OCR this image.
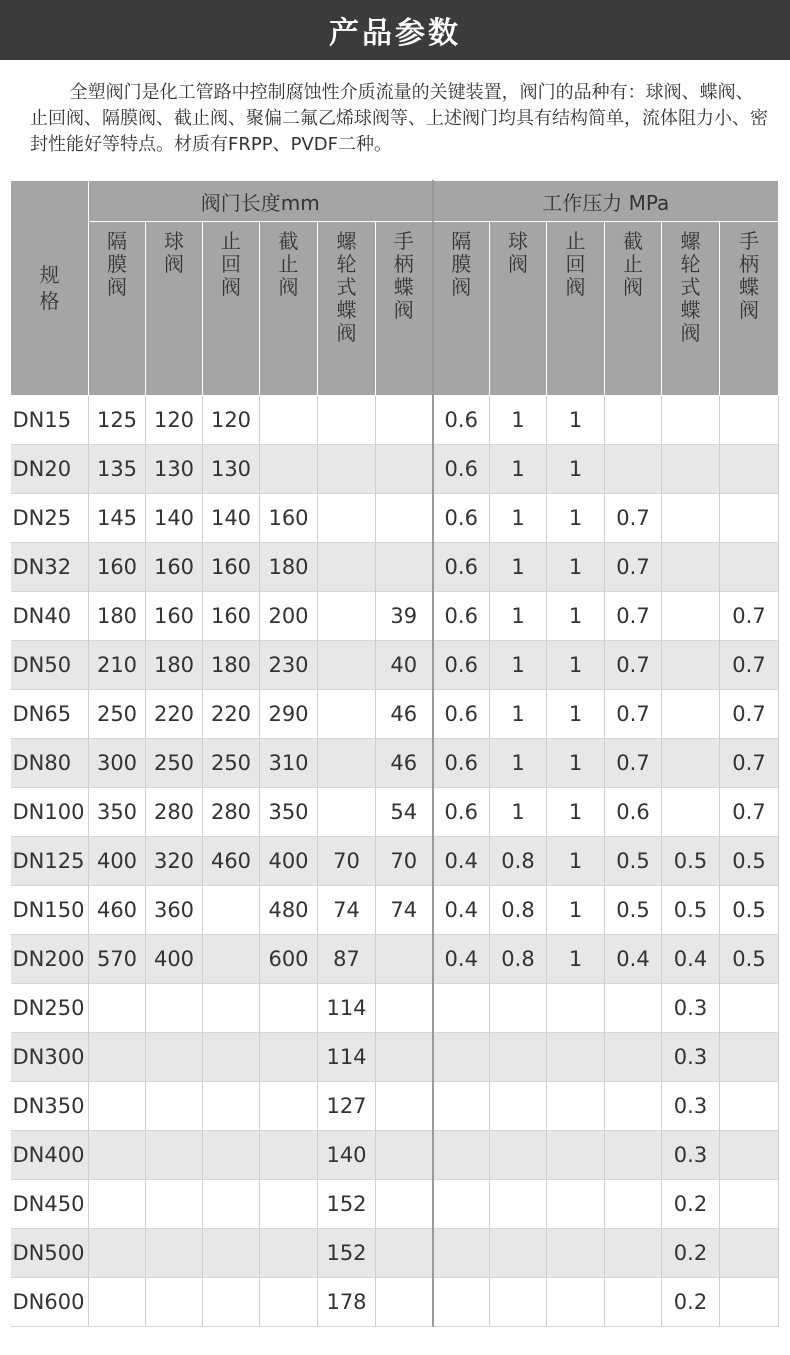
产品参数

全塑阀门是化工管路中控制腐蚀性介质流量的关键装置，阀门的品种有：球阀、蝶阀、止回阀、隔膜阀、截止阀、聚偏二氟乙烯球阀等、上述阀门均具有结构简单，流体阻力小、密封性能好等特点。材质有FRPP、PVDF二种。

规格	阀门长度mm						工作压力 MPa					
	隔膜阀	球阀	止回阀	截止阀	螺轮式蝶阀	手柄蝶阀	隔膜阀	球阀	止回阀	截止阀	螺轮式蝶阀	手柄蝶阀
DN15	125	120	120				0.6	1	1			
DN20	135	130	130				0.6	1	1			
DN25	145	140	140	160			0.6	1	1	0.7		
DN32	160	160	160	180			0.6	1	1	0.7		
DN40	180	160	160	200		39	0.6	1	1	0.7		0.7
DN50	210	180	180	230		40	0.6	1	1	0.7		0.7
DN65	250	220	220	290		46	0.6	1	1	0.7		0.7
DN80	300	250	250	310		46	0.6	1	1	0.7		0.7
DN100	350	280	280	350		54	0.6	1	1	0.6		0.7
DN125	400	320	460	400	70	70	0.4	0.8	1	0.5	0.5	0.5
DN150	460	360		480	74	74	0.4	0.8	1	0.5	0.5	0.5
DN200	570	400		600	87		0.4	0.8	1	0.4	0.4	0.5
DN250					114						0.3	
DN300					114						0.3	
DN350					127						0.3	
DN400					140						0.3	
DN450					152						0.2	
DN500					152						0.2	
DN600					178						0.2	
